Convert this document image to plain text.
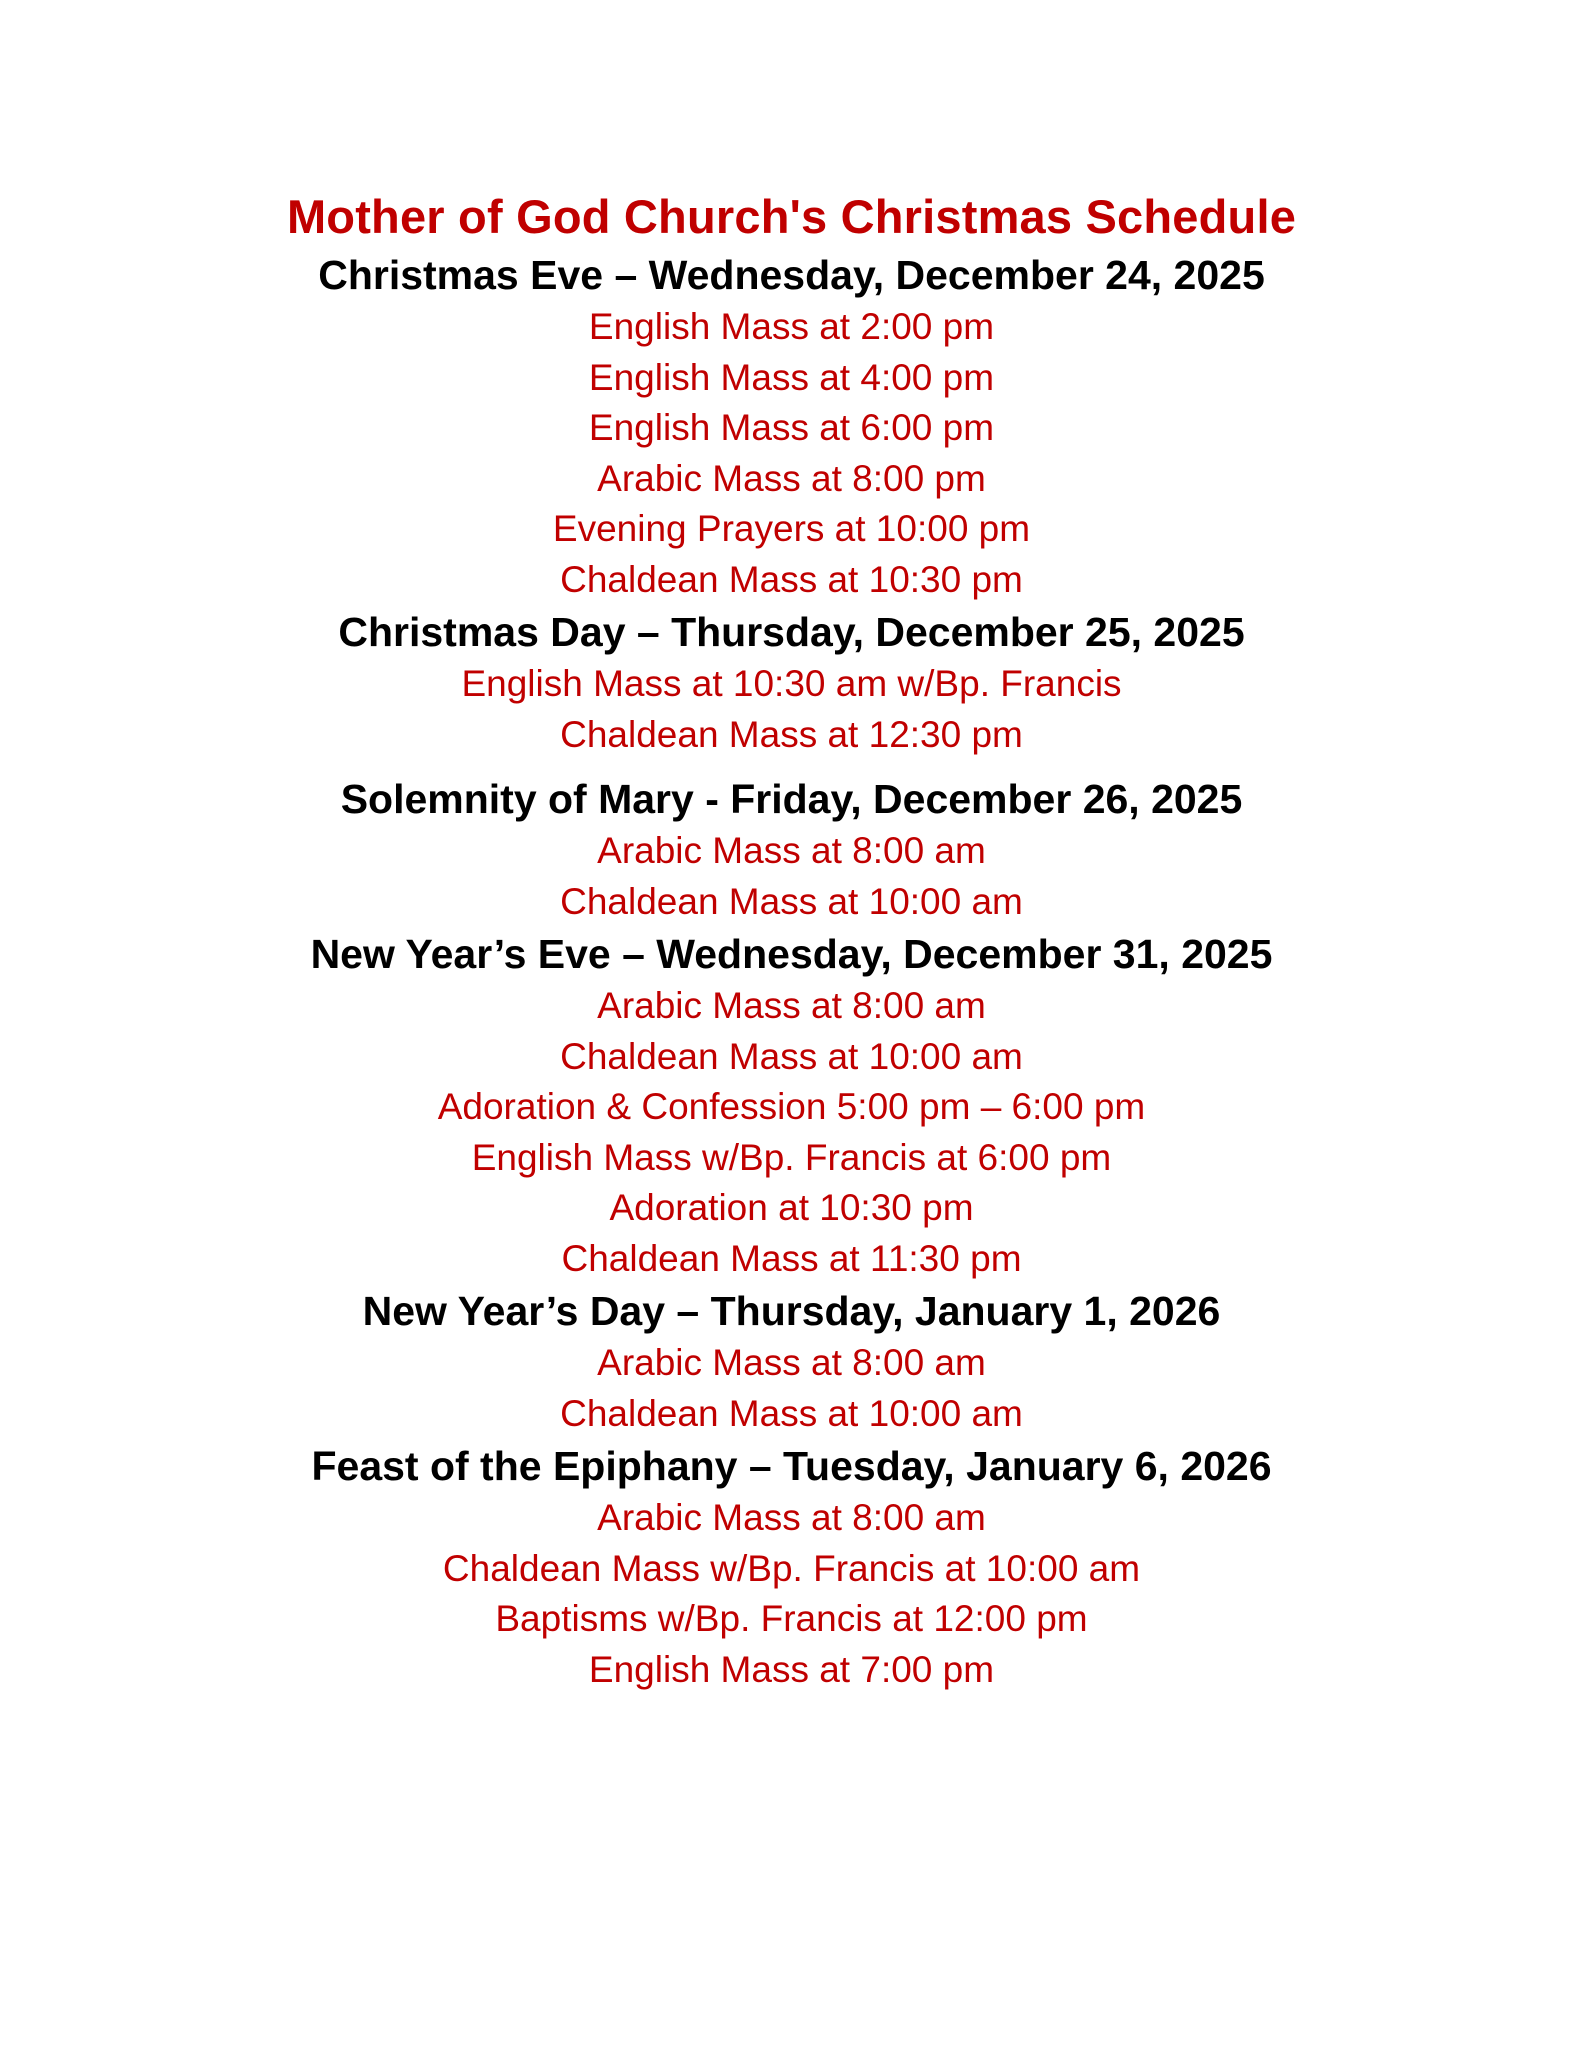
Mother of God Church's Christmas Schedule
Christmas Eve – Wednesday, December 24, 2025
English Mass at 2:00 pm
English Mass at 4:00 pm
English Mass at 6:00 pm
Arabic Mass at 8:00 pm
Evening Prayers at 10:00 pm
Chaldean Mass at 10:30 pm
Christmas Day – Thursday, December 25, 2025
English Mass at 10:30 am w/Bp. Francis
Chaldean Mass at 12:30 pm
Solemnity of Mary - Friday, December 26, 2025
Arabic Mass at 8:00 am
Chaldean Mass at 10:00 am
New Year’s Eve – Wednesday, December 31, 2025
Arabic Mass at 8:00 am
Chaldean Mass at 10:00 am
Adoration & Confession 5:00 pm – 6:00 pm
English Mass w/Bp. Francis at 6:00 pm
Adoration at 10:30 pm
Chaldean Mass at 11:30 pm
New Year’s Day – Thursday, January 1, 2026
Arabic Mass at 8:00 am
Chaldean Mass at 10:00 am
Feast of the Epiphany – Tuesday, January 6, 2026
Arabic Mass at 8:00 am
Chaldean Mass w/Bp. Francis at 10:00 am
Baptisms w/Bp. Francis at 12:00 pm
English Mass at 7:00 pm
